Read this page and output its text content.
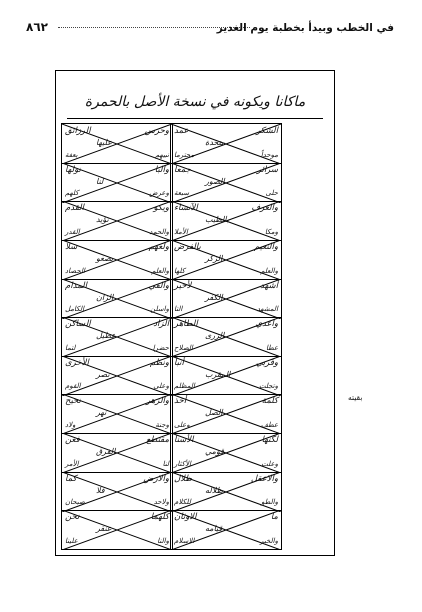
٨٦٢	في الخطب وبيدأ بخطبة يوم الغدير
ماكانا ويكونه في نسخة الأصل بالحمرة
الشكر
عمد
متحدة
موحداً
محترما
سرائر
جمعا
الصور
حلى
سبعة
والعرف
الآنساء
بالطيب
ومكا
الأملا
والنعيم
بالفرض
الزكر
والعلم
كلها
أشهد
لأخير
الكفر
المشهد
التا
واعدي
الطاهر
الزرى
عطا
الصلاح
وقربي
أنبأ
المقرب
وتجلت
المظلم
كلمة
أخذ
الصل
عطف
وعلى
لكنها
الأسنا
قومي
وعلت
الأكثار
والاعقل
ظلال
ظلاله
والطو
للكلام
ما
الاوثان
قيامه
والخير
الاسلام
وحرس
الرزائق
عليها
نبيهم
بعفة
والبا
نولها
لنا
وعرض
كلهم
ويكو
القدم
تؤيد
والحمد
القدر
ولعهم
سلا
يصغو
والعلم
الحصاد
والفي
المدام
الزان
واسلن
الكامل
الزاد
الساكن
عطيل
حضرا
لتما
ونظم
الأخرى
نصر
وعلى
القوم
والزهر
نحيح
نهر
وجنة
ولاد
مقتطع
فعن
الفرق
لنا
الأمر
والارض
كما
فلا
ولاحد
صبحان
كلهما
نحن
عنقر
والنا
علينا
بقيته
